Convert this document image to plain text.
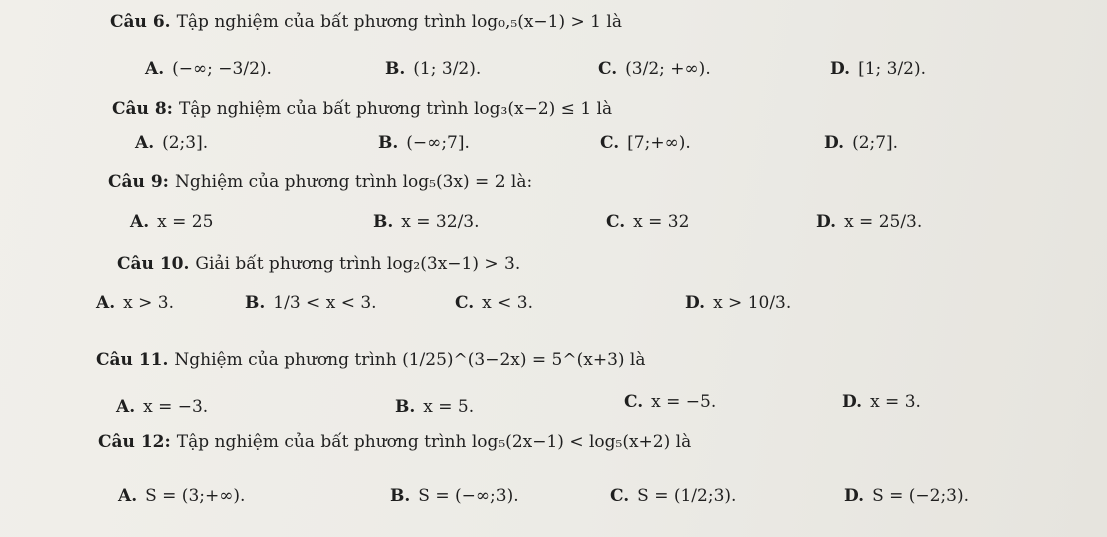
Câu 6. Tập nghiệm của bất phương trình log₀,₅(x−1) > 1 là
A. (−∞; −3/2).	B. (1; 3/2).	C. (3/2; +∞).	D. [1; 3/2).
Câu 8: Tập nghiệm của bất phương trình log₃(x−2) ≤ 1 là
A. (2;3].	B. (−∞;7].	C. [7;+∞).	D. (2;7].
Câu 9: Nghiệm của phương trình log₅(3x) = 2 là:
A. x = 25	B. x = 32/3.	C. x = 32	D. x = 25/3.
Câu 10. Giải bất phương trình log₂(3x−1) > 3.
A. x > 3.	B. 1/3 < x < 3.	C. x < 3.	D. x > 10/3.
Câu 11. Nghiệm của phương trình (1/25)^(3−2x) = 5^(x+3) là
A. x = −3.	B. x = 5.	C. x = −5.	D. x = 3.
Câu 12: Tập nghiệm của bất phương trình log₅(2x−1) < log₅(x+2) là
A. S = (3;+∞).	B. S = (−∞;3).	C. S = (1/2;3).	D. S = (−2;3).
